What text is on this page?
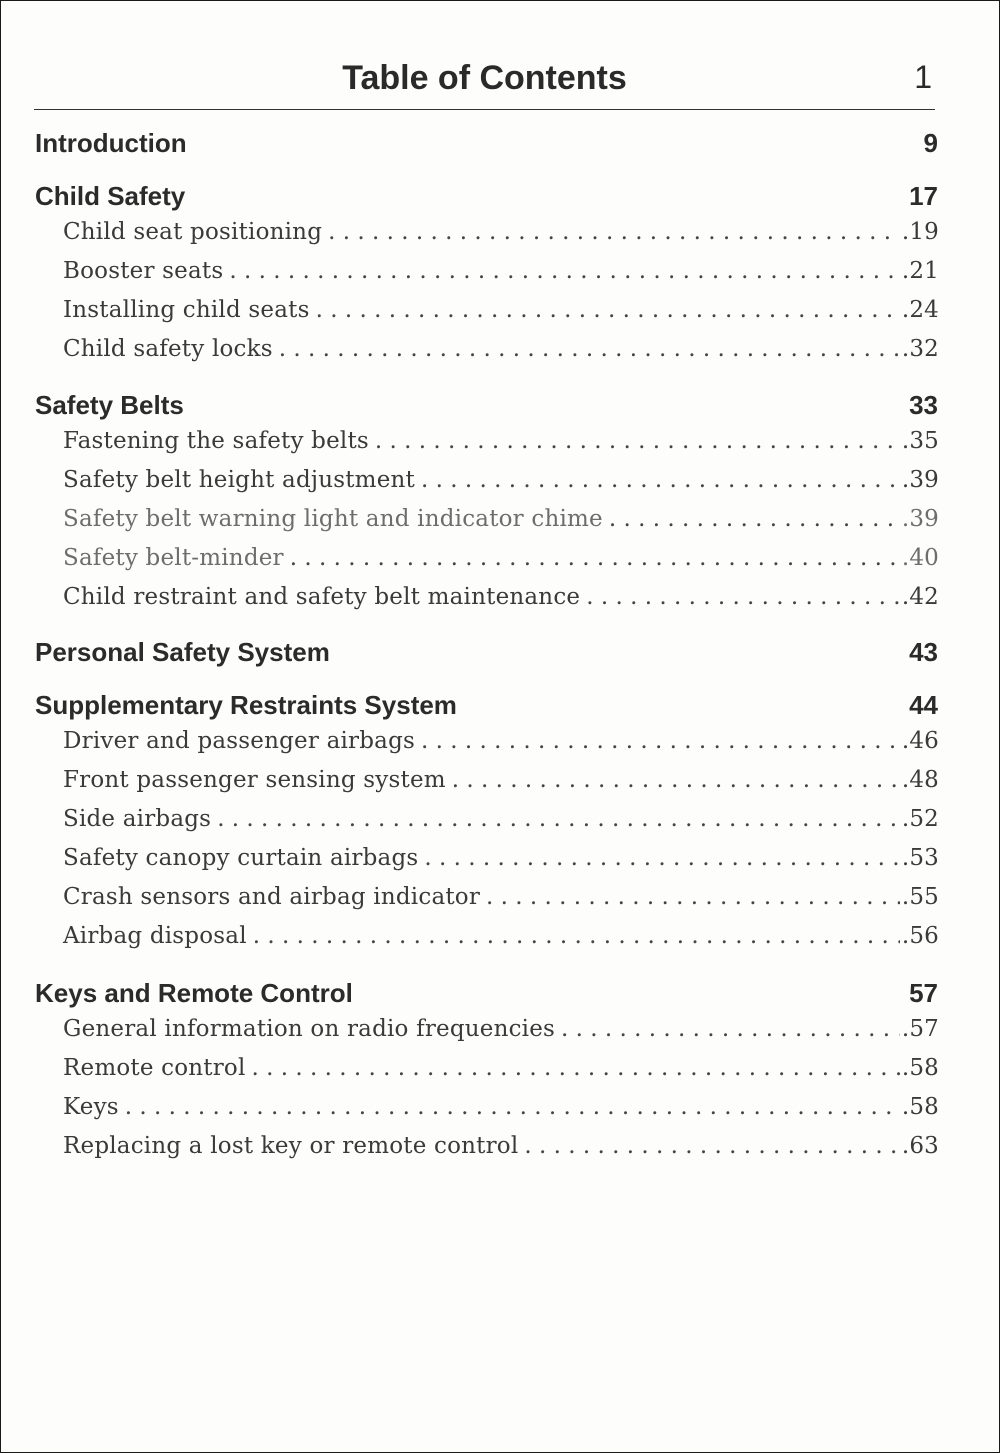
Table of Contents	1
Introduction	9
Child Safety	17
Child seat positioning . . .	.19
Booster seats . . .	.21
Installing child seats . . .	.24
Child safety locks . . .	.32
Safety Belts	33
Fastening the safety belts . . .	.35
Safety belt height adjustment . . .	.39
Safety belt warning light and indicator chime . . .	.39
Safety belt-minder . . .	.40
Child restraint and safety belt maintenance . . .	.42
Personal Safety System	43
Supplementary Restraints System	44
Driver and passenger airbags . . .	.46
Front passenger sensing system . . .	.48
Side airbags . . .	.52
Safety canopy curtain airbags . . .	.53
Crash sensors and airbag indicator . . .	.55
Airbag disposal . . .	.56
Keys and Remote Control	57
General information on radio frequencies . . .	.57
Remote control . . .	.58
Keys . . .	.58
Replacing a lost key or remote control . . .	.63
